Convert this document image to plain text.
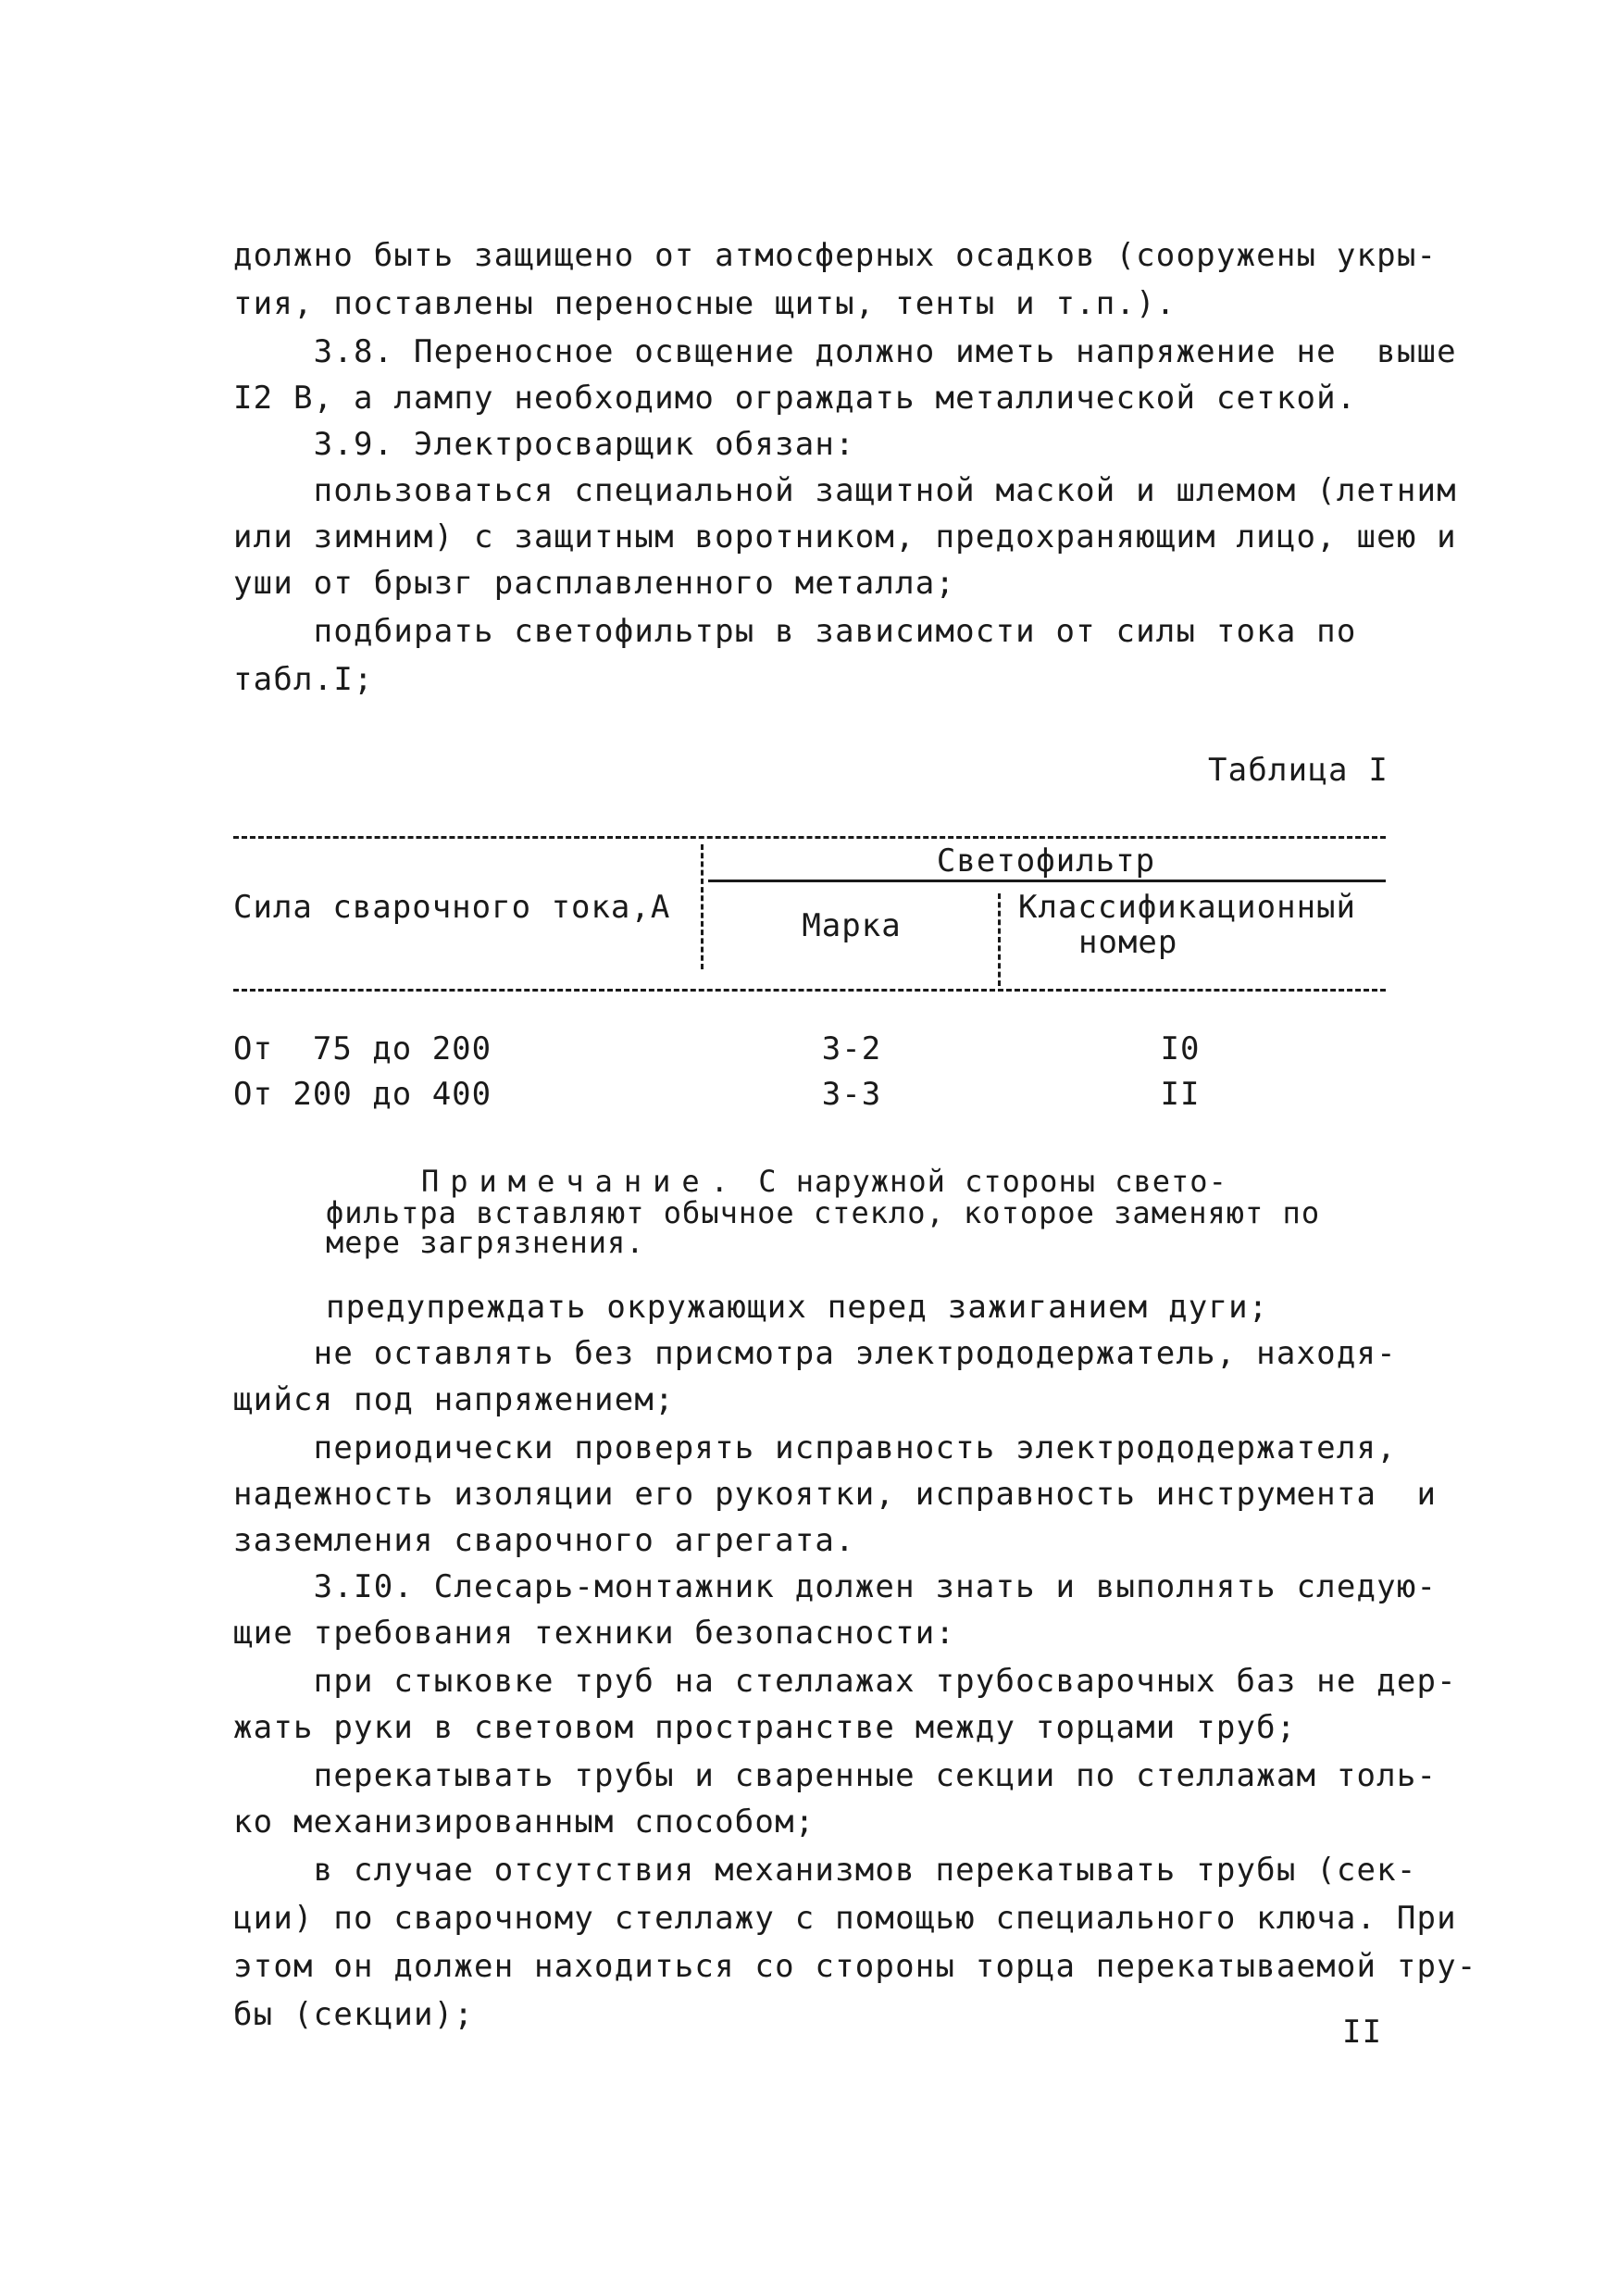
должно быть защищено от атмосферных осадков (сооружены укры-

тия, поставлены переносные щиты, тенты и т.п.).

3.8. Переносное освщение должно иметь напряжение не  выше

I2 В, а лампу необходимо ограждать металлической сеткой.

3.9. Электросварщик обязан:

пользоваться специальной защитной маской и шлемом (летним

или зимним) с защитным воротником, предохраняющим лицо, шею и

уши от брызг расплавленного металла;

подбирать светофильтры в зависимости от силы тока по

табл.I;

Таблица I

Светофильтр
Сила сварочного тока,А	Марка	Классификационный
номер
От  75 до 200	3-2	I0
От 200 до 400	3-3	II

Примечание. С наружной стороны свето-

фильтра вставляют обычное стекло, которое заменяют по

мере загрязнения.

предупреждать окружающих перед зажиганием дуги;

не оставлять без присмотра электрододержатель, находя-

щийся под напряжением;

периодически проверять исправность электрододержателя,

надежность изоляции его рукоятки, исправность инструмента  и

заземления сварочного агрегата.

3.I0. Слесарь-монтажник должен знать и выполнять следую-

щие требования техники безопасности:

при стыковке труб на стеллажах трубосварочных баз не дер-

жать руки в световом пространстве между торцами труб;

перекатывать трубы и сваренные секции по стеллажам толь-

ко механизированным способом;

в случае отсутствия механизмов перекатывать трубы (сек-

ции) по сварочному стеллажу с помощью специального ключа. При

этом он должен находиться со стороны торца перекатываемой тру-

бы (секции);	II
